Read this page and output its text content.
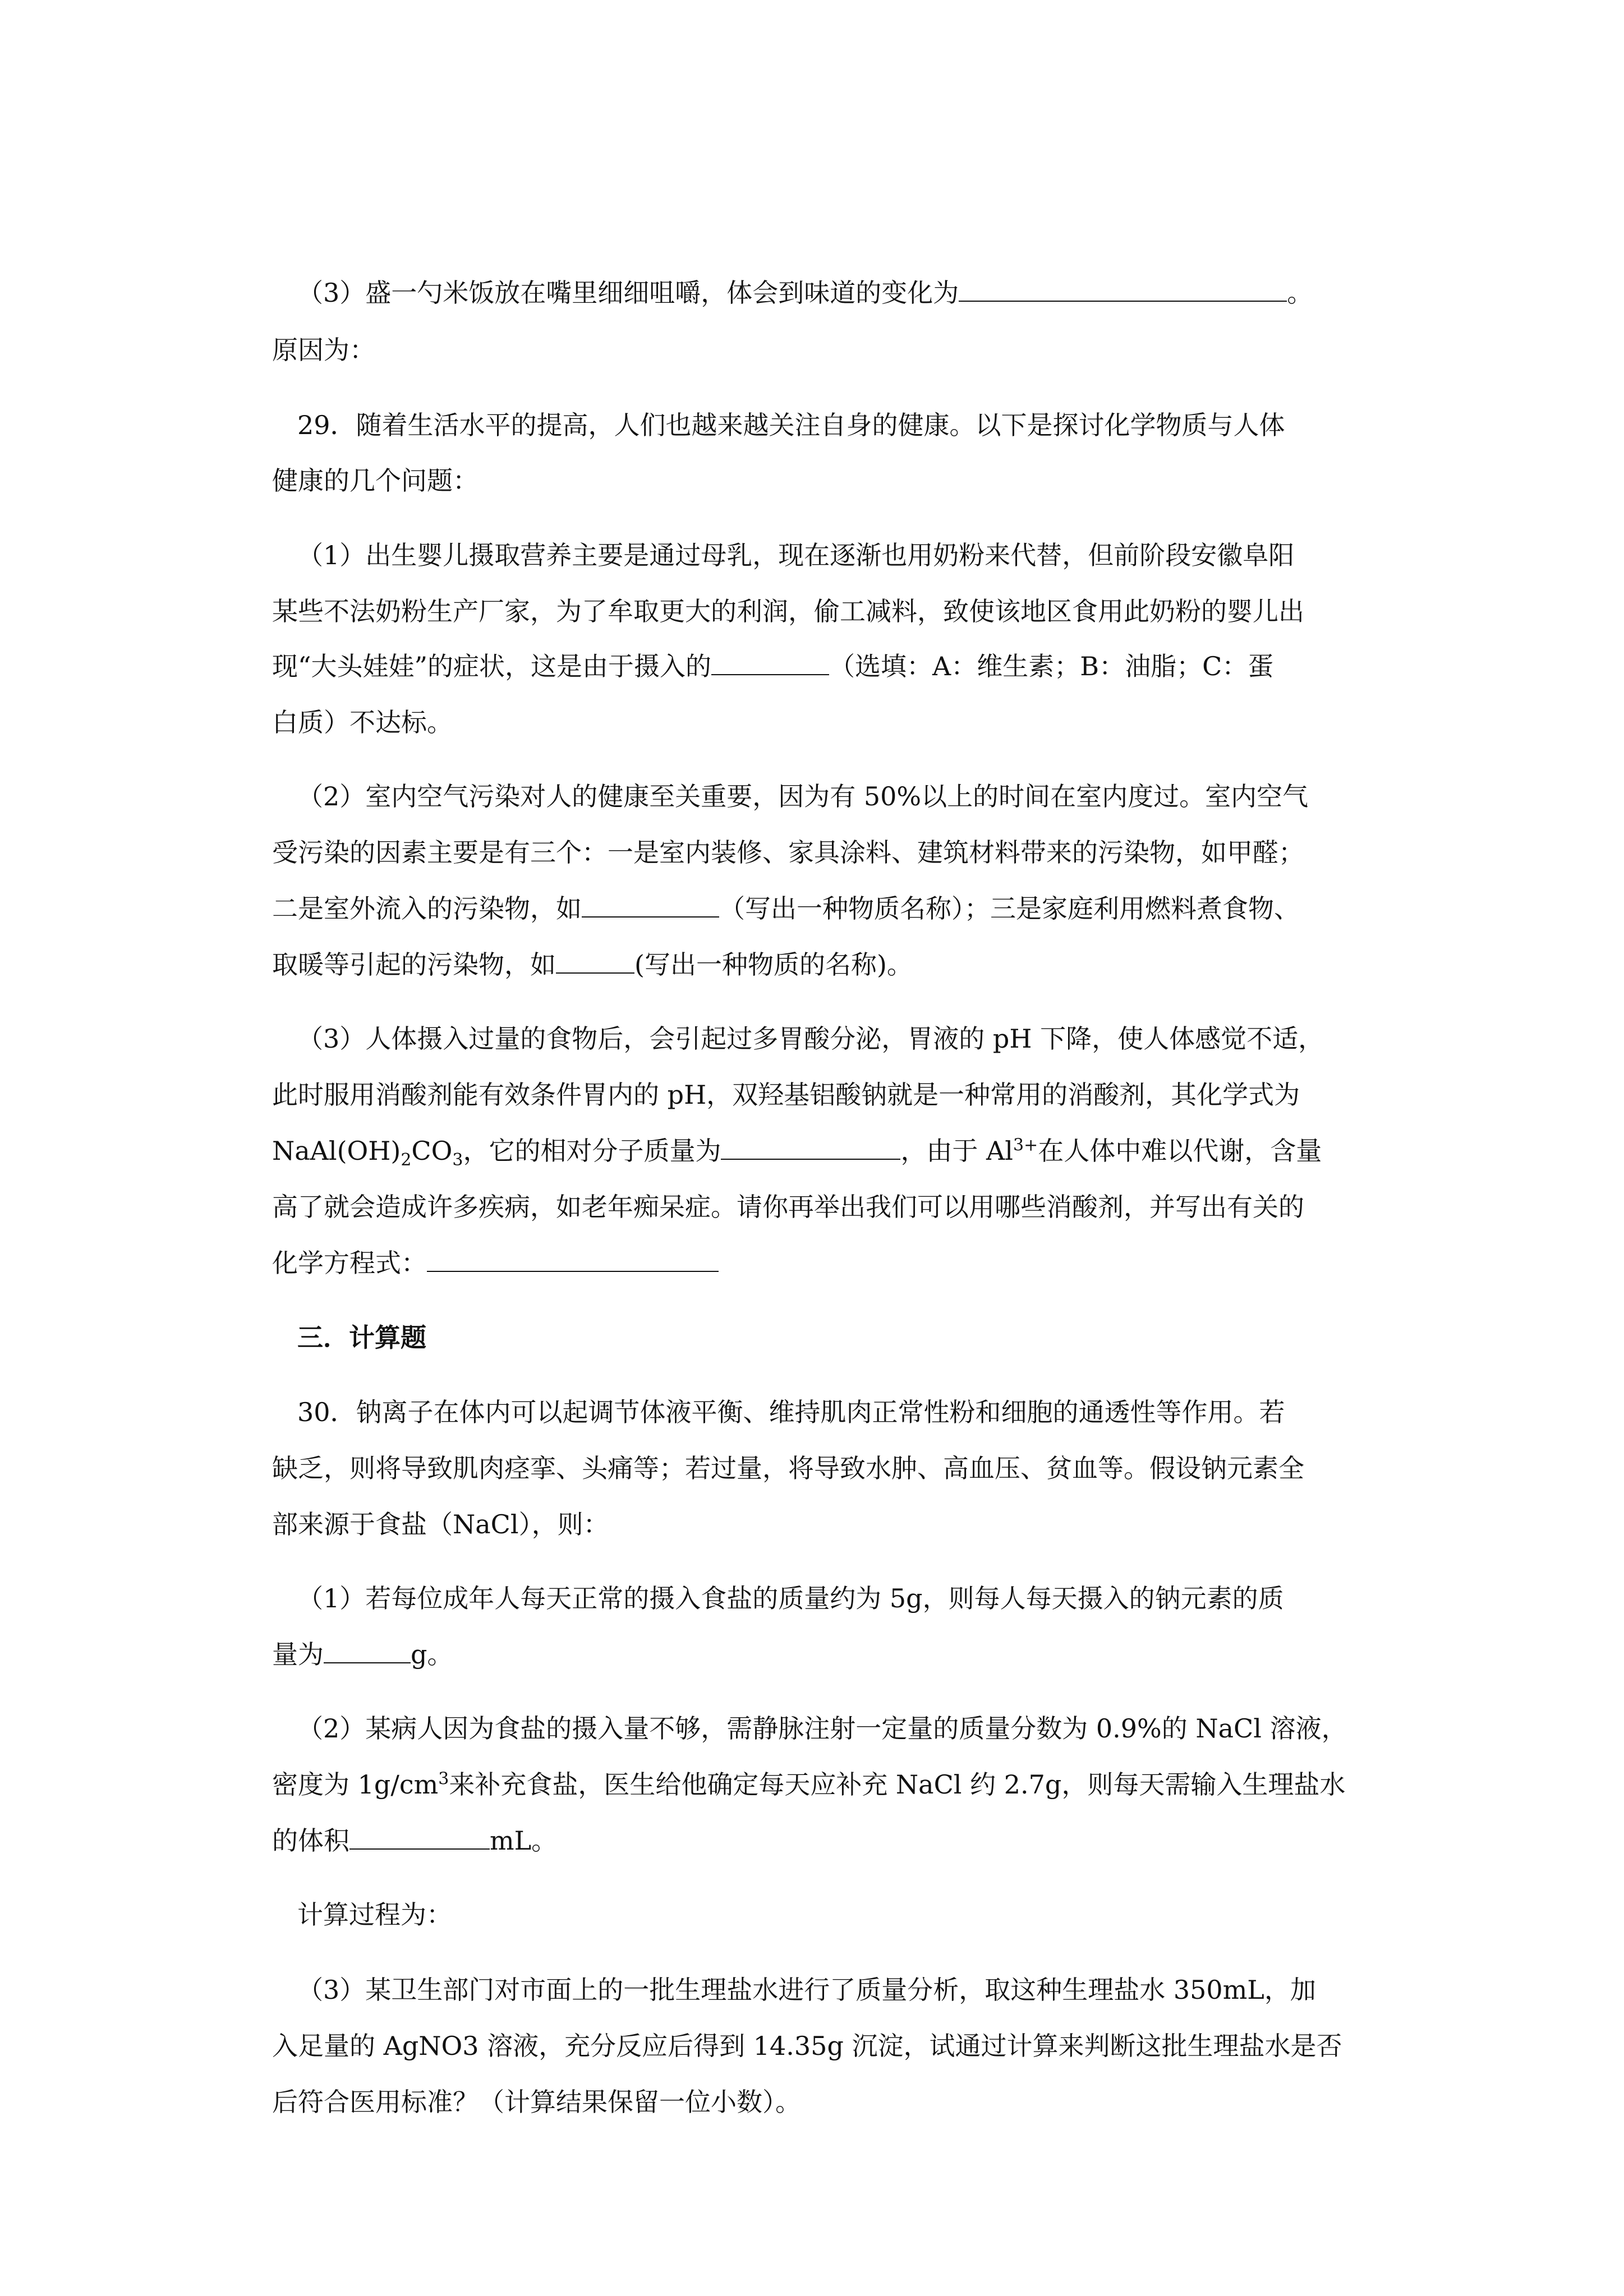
（3）盛一勺米饭放在嘴里细细咀嚼，体会到味道的变化为	。
原因为：
29．随着生活水平的提高，人们也越来越关注自身的健康。以下是探讨化学物质与人体
健康的几个问题：
（1）出生婴儿摄取营养主要是通过母乳，现在逐渐也用奶粉来代替，但前阶段安徽阜阳
某些不法奶粉生产厂家，为了牟取更大的利润，偷工减料，致使该地区食用此奶粉的婴儿出
现“大头娃娃”的症状，这是由于摄入的	（选填：A：维生素；B：油脂；C：蛋
白质）不达标。
（2）室内空气污染对人的健康至关重要，因为有 50%以上的时间在室内度过。室内空气
受污染的因素主要是有三个：一是室内装修、家具涂料、建筑材料带来的污染物，如甲醛；
二是室外流入的污染物，如	（写出一种物质名称）；三是家庭利用燃料煮食物、
取暖等引起的污染物，如	(写出一种物质的名称)。
（3）人体摄入过量的食物后，会引起过多胃酸分泌，胃液的 pH 下降，使人体感觉不适，
此时服用消酸剂能有效条件胃内的 pH，双羟基铝酸钠就是一种常用的消酸剂，其化学式为
$NaAl(OH)_2CO_3$，它的相对分子质量为	，由于 $Al^{3+}$在人体中难以代谢，含量
高了就会造成许多疾病，如老年痴呆症。请你再举出我们可以用哪些消酸剂，并写出有关的
化学方程式：
三．计算题
30．钠离子在体内可以起调节体液平衡、维持肌肉正常性粉和细胞的通透性等作用。若
缺乏，则将导致肌肉痉挛、头痛等；若过量，将导致水肿、高血压、贫血等。假设钠元素全
部来源于食盐（NaCl），则：
（1）若每位成年人每天正常的摄入食盐的质量约为 5g，则每人每天摄入的钠元素的质
量为	g。
（2）某病人因为食盐的摄入量不够，需静脉注射一定量的质量分数为 0.9%的 NaCl 溶液，
密度为 $1g/cm^3$来补充食盐，医生给他确定每天应补充 NaCl 约 2.7g，则每天需输入生理盐水
的体积	mL。
计算过程为：
（3）某卫生部门对市面上的一批生理盐水进行了质量分析，取这种生理盐水 350mL，加
入足量的 AgNO3 溶液，充分反应后得到 14.35g 沉淀，试通过计算来判断这批生理盐水是否
后符合医用标准？（计算结果保留一位小数）。
